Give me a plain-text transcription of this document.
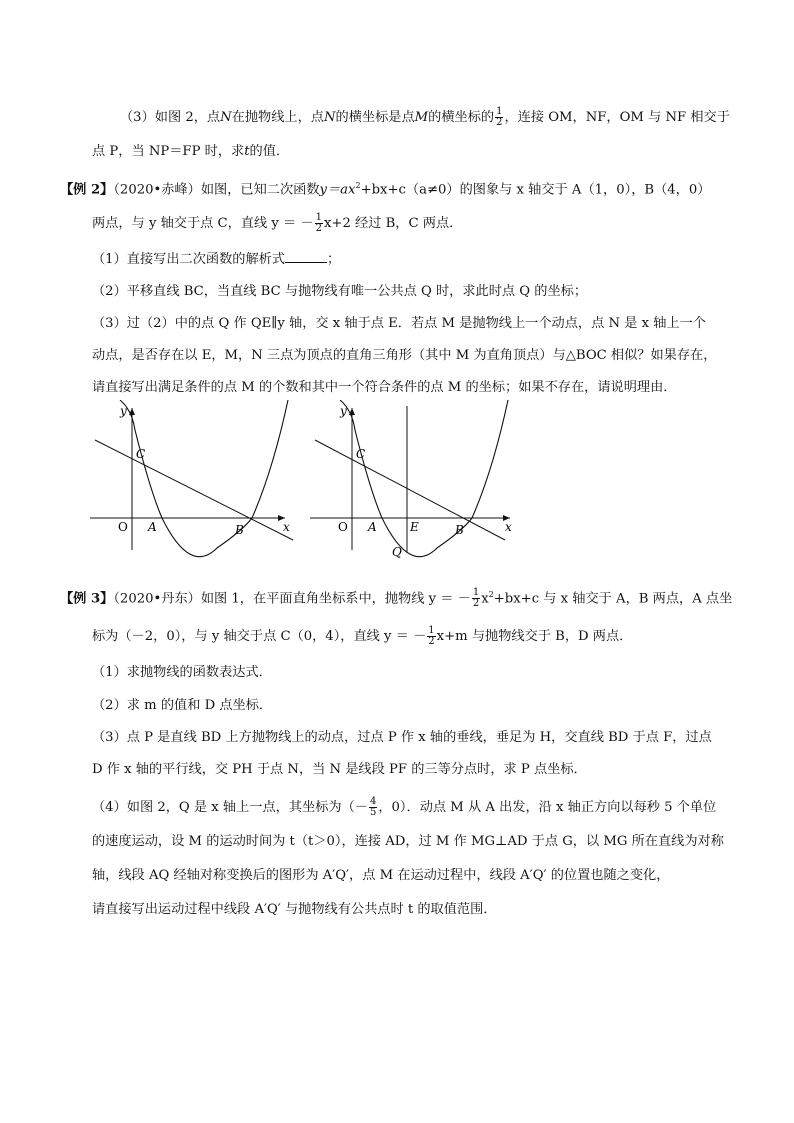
（3）如图 2，点N在抛物线上，点N的横坐标是点M的横坐标的 $\frac{1}{2}$ ，连接 OM，NF，OM 与 NF 相交于
点 P，当 NP＝FP 时，求t的值．
【例 2】（2020•赤峰）如图，已知二次函数$y=ax^2+bx+c(a\ne 0)$的图象与 x 轴交于 A（1，0），B（4，0）
两点，与 y 轴交于点 C，直线 y ＝ － $\frac{1}{2} x+2$ 经过 B，C 两点．
（1）直接写出二次函数的解析式	；
（2）平移直线 BC，当直线 BC 与抛物线有唯一公共点 Q 时，求此时点 Q 的坐标；
（3）过（2）中的点 Q 作 QE∥y 轴，交 x 轴于点 E．若点 M 是抛物线上一个动点，点 N 是 x 轴上一个
动点，是否存在以 E，M，N 三点为顶点的直角三角形（其中 M 为直角顶点）与△BOC 相似？如果存在，
请直接写出满足条件的点 M 的个数和其中一个符合条件的点 M 的坐标；如果不存在，请说明理由．
C
O A	B	x
y
C
O A	E	B
Q
x
y
【例 3】（2020•丹东）如图 1，在平面直角坐标系中，抛物线 y ＝ － $\frac{1}{2} x^2+bx+c$ 与 x 轴交于 A，B 两点，A 点坐
标为（－2，0），与 y 轴交于点 C（0，4），直线 y ＝ － $\frac{1}{2} x+m$ 与抛物线交于 B，D 两点．
（1）求抛物线的函数表达式．
（2）求 m 的值和 D 点坐标．
（3）点 P 是直线 BD 上方抛物线上的动点，过点 P 作 x 轴的垂线，垂足为 H，交直线 BD 于点 F，过点
D 作 x 轴的平行线，交 PH 于点 N，当 N 是线段 PF 的三等分点时，求 P 点坐标．
（4）如图 2，Q 是 x 轴上一点，其坐标为（－ $\frac{4}{5}$ ，0）．动点 M 从 A 出发，沿 x 轴正方向以每秒 5 个单位
的速度运动，设 M 的运动时间为 t（t＞0），连接 AD，过 M 作 MG⊥AD 于点 G，以 MG 所在直线为对称
轴，线段 AQ 经轴对称变换后的图形为 A′Q′，点 M 在运动过程中，线段 A′Q′ 的位置也随之变化，
请直接写出运动过程中线段 A′Q′ 与抛物线有公共点时 t 的取值范围．
